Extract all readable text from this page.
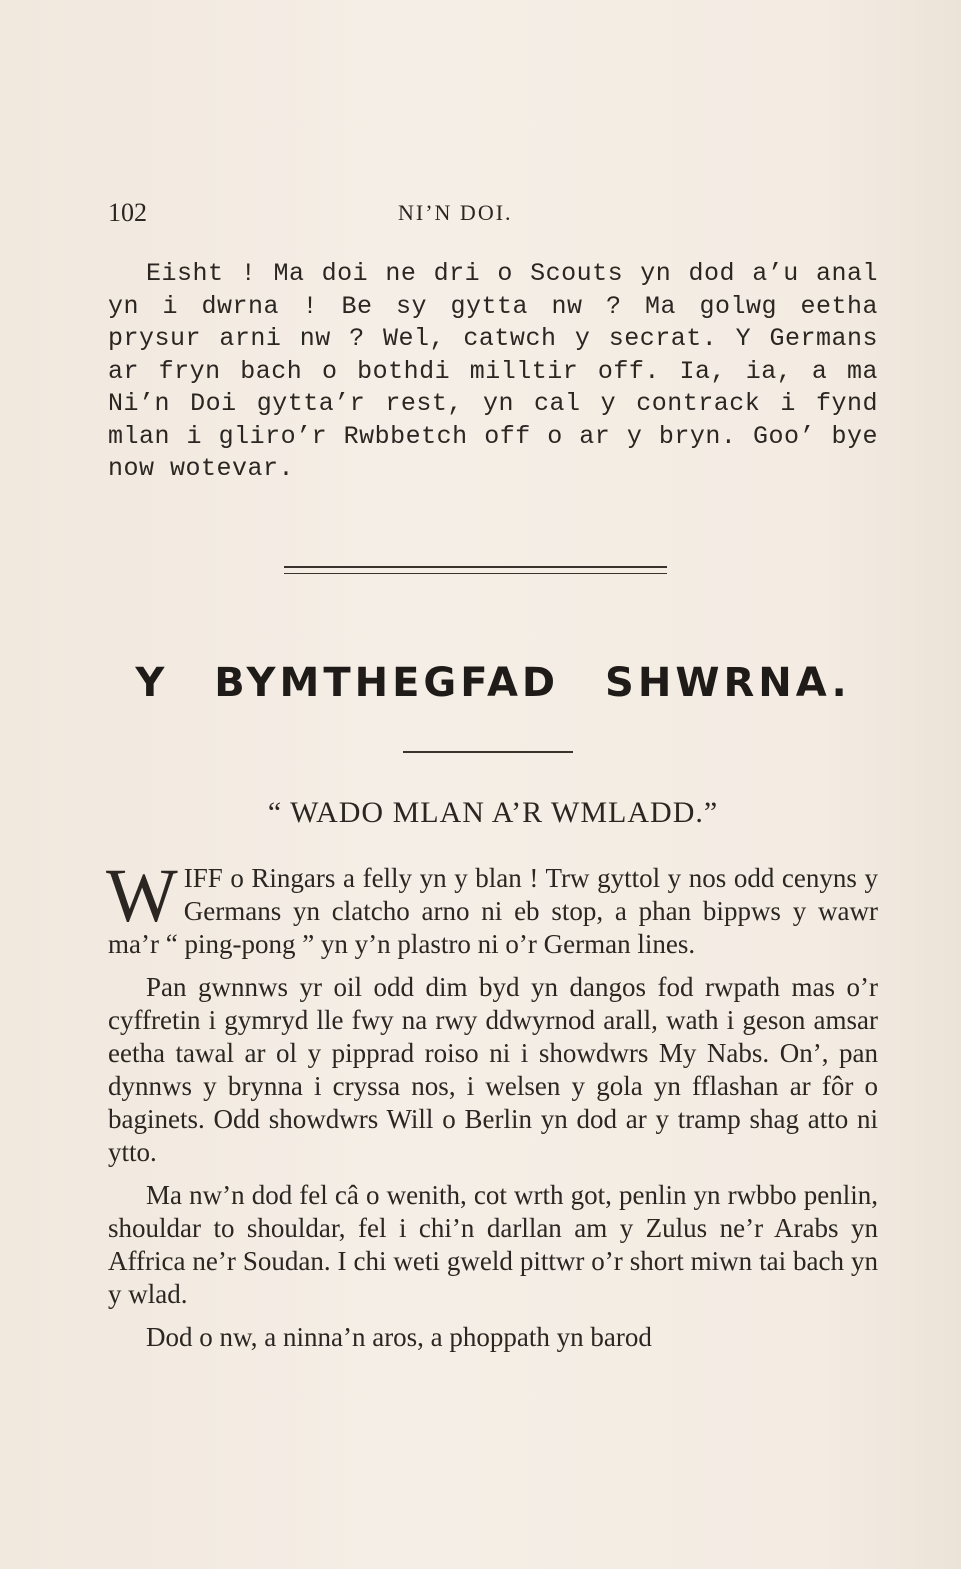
102	NI’N DOI.

Eisht ! Ma doi ne dri o Scouts yn dod a’u anal yn i dwrna ! Be sy gytta nw ? Ma golwg eetha prysur arni nw ? Wel, catwch y secrat. Y Germans ar fryn bach o bothdi milltir off. Ia, ia, a ma Ni’n Doi gytta’r rest, yn cal y contrack i fynd mlan i gliro’r Rwbbetch off o ar y bryn. Goo’ bye now wotevar.

Y BYMTHEGFAD SHWRNA.
“ WADO MLAN A’R WMLADD.”

WIFF o Ringars a felly yn y blan ! Trw gyttol y nos odd cenyns y Germans yn clatcho arno ni eb stop, a phan bippws y wawr ma’r “ ping-pong ” yn y’n plastro ni o’r German lines.

Pan gwnnws yr oil odd dim byd yn dangos fod rwpath mas o’r cyffretin i gymryd lle fwy na rwy ddwyrnod arall, wath i geson amsar eetha tawal ar ol y pipprad roiso ni i showdwrs My Nabs. On’, pan dynnws y brynna i cryssa nos, i welsen y gola yn fflashan ar fôr o baginets. Odd showdwrs Will o Berlin yn dod ar y tramp shag atto ni ytto.

Ma nw’n dod fel câ o wenith, cot wrth got, penlin yn rwbbo penlin, shouldar to shouldar, fel i chi’n darllan am y Zulus ne’r Arabs yn Affrica ne’r Soudan. I chi weti gweld pittwr o’r short miwn tai bach yn y wlad.

Dod o nw, a ninna’n aros, a phoppath yn barod
